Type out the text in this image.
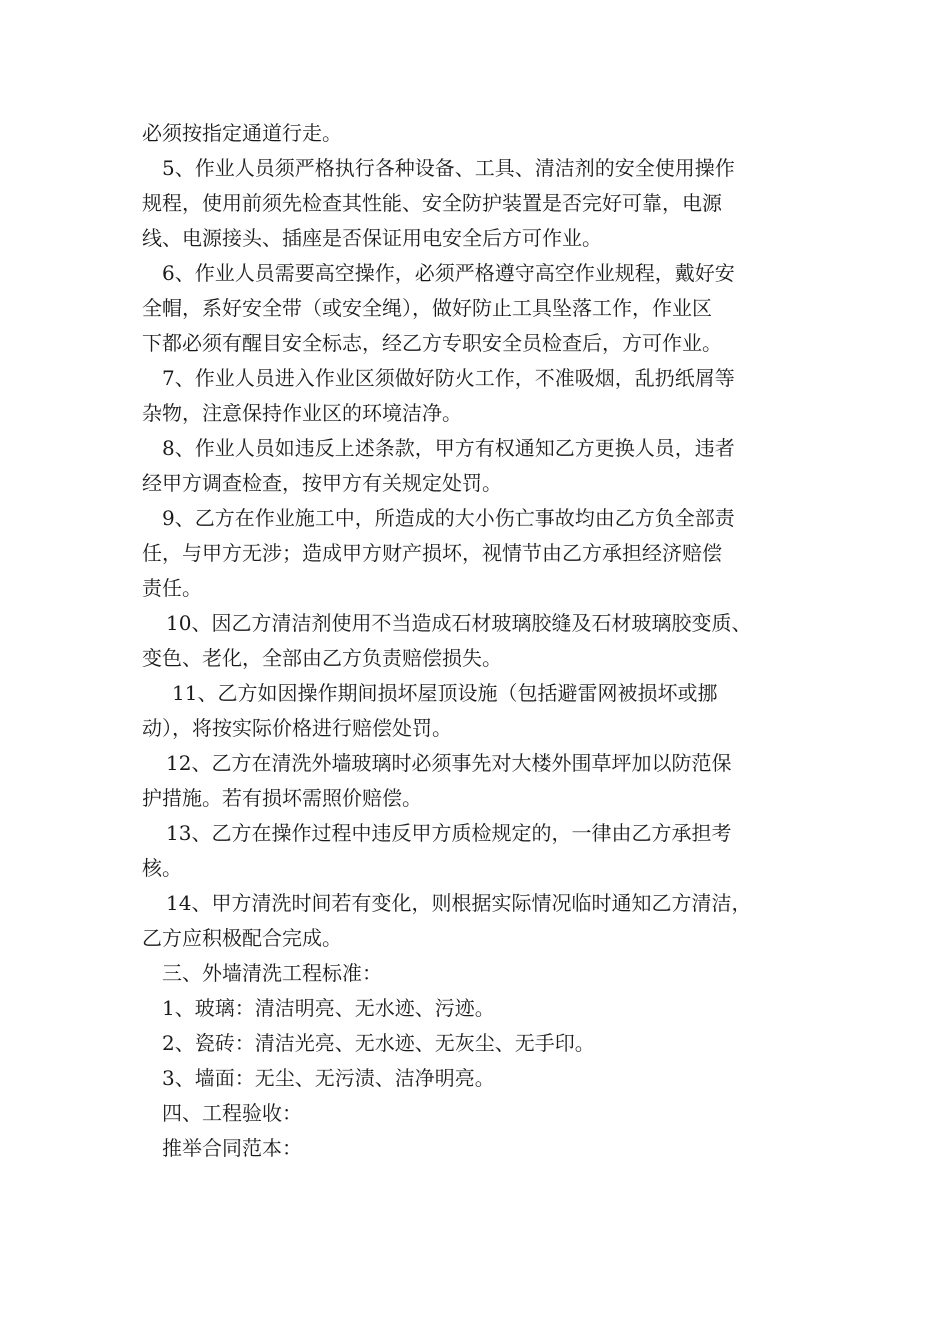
必须按指定通道行走。
5、作业人员须严格执行各种设备、工具、清洁剂的安全使用操作
规程，使用前须先检查其性能、安全防护装置是否完好可靠，电源
线、电源接头、插座是否保证用电安全后方可作业。
6、作业人员需要高空操作，必须严格遵守高空作业规程，戴好安
全帽，系好安全带（或安全绳），做好防止工具坠落工作，作业区
下都必须有醒目安全标志，经乙方专职安全员检查后，方可作业。
7、作业人员进入作业区须做好防火工作，不准吸烟，乱扔纸屑等
杂物，注意保持作业区的环境洁净。
8、作业人员如违反上述条款，甲方有权通知乙方更换人员，违者
经甲方调查检查，按甲方有关规定处罚。
9、乙方在作业施工中，所造成的大小伤亡事故均由乙方负全部责
任，与甲方无涉；造成甲方财产损坏，视情节由乙方承担经济赔偿
责任。
10、因乙方清洁剂使用不当造成石材玻璃胶缝及石材玻璃胶变质、
变色、老化，全部由乙方负责赔偿损失。
11、乙方如因操作期间损坏屋顶设施（包括避雷网被损坏或挪
动），将按实际价格进行赔偿处罚。
12、乙方在清洗外墙玻璃时必须事先对大楼外围草坪加以防范保
护措施。若有损坏需照价赔偿。
13、乙方在操作过程中违反甲方质检规定的，一律由乙方承担考
核。
14、甲方清洗时间若有变化，则根据实际情况临时通知乙方清洁，
乙方应积极配合完成。
三、外墙清洗工程标准：
1、玻璃：清洁明亮、无水迹、污迹。
2、瓷砖：清洁光亮、无水迹、无灰尘、无手印。
3、墙面：无尘、无污渍、洁净明亮。
四、工程验收：
推举合同范本：
